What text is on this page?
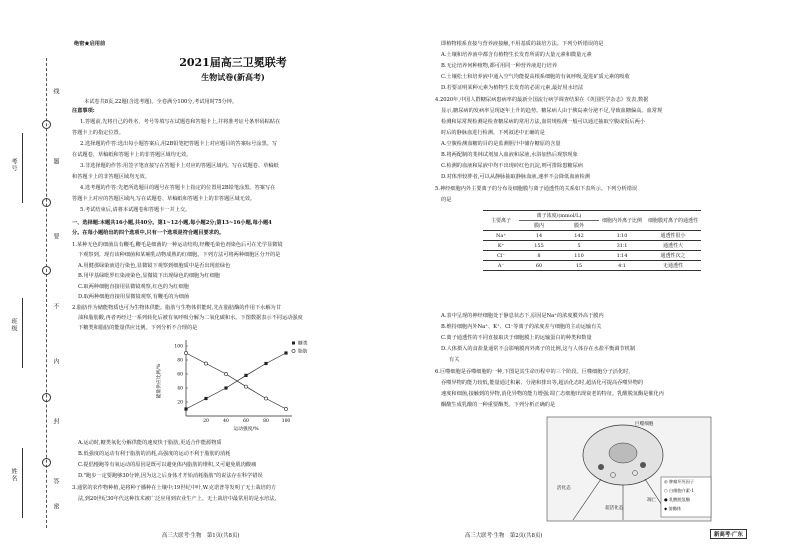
考号
班级
姓名
线
题
要
不
内
封
答
密
绝密★启用前
2021届高三卫冕联考
生物试卷(新高考)
本试卷共8页,22题(含选考题)。全卷满分100分,考试用时75分钟。
注意事项:
1.答题前,先将自己的姓名、考号等填写在试题卷和答题卡上,并将准考证号条形码粘贴在
答题卡上的指定位置。
2.选择题的作答:选出每小题答案后,用2B铅笔把答题卡上对应题目的答案标号涂黑。写
在试题卷、草稿纸和答题卡上的非答题区域均无效。
3.非选择题的作答:用签字笔直接写在答题卡上对应的答题区域内。写在试题卷、草稿纸
和答题卡上的非答题区域均无效。
4.选考题的作答:先把所选题目的题号在答题卡上指定的位置用2B铅笔涂黑。答案写在
答题卡上对应的答题区域内,写在试题卷、草稿纸和答题卡上的非答题区域无效。
5.考试结束后,请将本试题卷和答题卡一并上交。
一、选择题:本题共16小题,共40分。第1~12小题,每小题2分;第13~16小题,每小题4
分。在每小题给出的四个选项中,只有一个选项是符合题目要求的。
1.某种无色的细菌具有鞭毛,鞭毛是细菌的一种运动结构,经鞭毛染色剂染色后可在光学显微镜
下观察到。现有该种细菌和某哺乳动物成熟的红细胞。下列方法可将两种细胞区分开的是
A.用健那绿染液进行染色,显微镜下观察到细胞质中是否出现蓝绿色
B.用甲基绿吡罗红染液染色,显微镜下出现绿色的细胞为红细胞
C.取两种细胞直接用显微镜观察,红色的为红细胞
D.取两种细胞直接用显微镜观察,有鞭毛的为细菌
2.脂肪作为储能物质也可为生物体供能。脂肪与生物体供能时,先在脂肪酶的作用下水解为甘
油和脂肪酸,再者再经过一系列转化后被有氧呼吸分解为二氧化碳和水。下图数据表示不同运动强度
下糖类和脂肪的能量供应比例。下列分析不合理的是
20
40
60
80
100
20	40	60	80	100
运动强度/%
能量供应比例/%
糖类
脂肪
A.运动时,糖类氧化分解供能的速度快于脂肪,更适合作能源物质
B.低强度的运动有利于脂肪的消耗,高强度的运动不利于脂肪的消耗
C.提倡慢跑等有氧运动的原因是既可以避免体内脂肪的堆积,又可避免肌肉酸痛
D."跑步一定要跑够30分钟,因为这之后身体才开始消耗脂肪"的说法存在科学错误
3.通常的农作物种植,是将种子播种在土壤中;19世纪中叶,W.克诺普等发明了无土栽培的方
法,到20世纪30年代这种技术被广泛应用到农业生产上。无土栽培中最常用的是水培法,
高三大联考·生物　第1页(共8页)
即植物根系直接与营养液接触,不用基质的栽培方法。下列分析错误的是
A.土壤和培养液中都含有植物生长发育所需的大量元素和微量元素
B.无论培养何种植物,都可用同一种营养液进行培养
C.土壤松土和培养液中通入空气均能提高根系细胞的有氧呼吸,促进矿质元素的吸收
D.若要证明某种元素为植物生长发育的必需元素,最好用水培法
4.2020年,中国人群糖尿病患病率的最新全国流行病学调查结果在《英国医学杂志》发表,数据
显示,糖尿病的发病率呈现逐年上升的趋势。糖尿病人由于胰岛素分泌不足,导致血糖偏高。血常规
检测和尿常规检测是检查糖尿病的常用方法,血常规检测一般可以通过抽取空腹或饭后两小
时后的静脉血进行检测。下列叙述中正确的是
A.空腹检测血糖的目的是监测胆汁中储存糖原的含量
B.将两配制的斐林试剂加入血液和尿液,水浴加热后观察现象
C.检测的血液和尿液中均不出现砖红色沉淀,则可排除患糖尿病
D.对体形较胖者,可以从静脉抽取静脉血液,速率不会降低血液检测
5.神经细胞内外主要离子的分布及细胞膜与离子通透性的关系如下表所示。下列分析错误
的是
主要离子	离子浓度/(mmol/L)		细胞内外离子比例	细胞膜对离子的通透性
	膜内	膜外		
Na⁺	14	142	1∶10	通透性很小
K⁺	155	5	31∶1	通透性大
Cl⁻	8	110	1∶14	通透性次之
A⁻	60	15	4∶1	无通透性
A.表中呈现的神经细胞处于静息状态下,原因是Na⁺的浓度膜外高于膜内
B.维持细胞内外Na⁺、K⁺、Cl⁻等离子的浓度差与细胞的主动运输有关
C.离子通透性的不同直接取决于细胞膜上的运输蛋白的种类和数量
D.人体摄入的食盐量通常不会影响膜内外离子的比例,这与人体存在水盐平衡调节机制
有关
6.巨噬细胞是吞噬细胞的一种,下图是其生命历程中的三个阶段。巨噬细胞分子活化时,
吞噬异物的能力较低,能量通过积累、分泌和排出等,超活化态时,超活化可提高吞噬异物的
速度和细菌,接触到的异物,消化异物的能力增强;凋亡态细胞出现衰老的特征。乳酸脱氢酶是催化丙
酮酸生成乳酸的一种重要酶类。下列分析正确的是
巨噬细胞
活化态
超活化态
凋亡
◎ 肿瘤坏死因子
○ 白细胞介素-1
● 乳酸脱氢酶
◆ 溶酶体
高三大联考·生物　第2页(共8页)	新高考·广东
